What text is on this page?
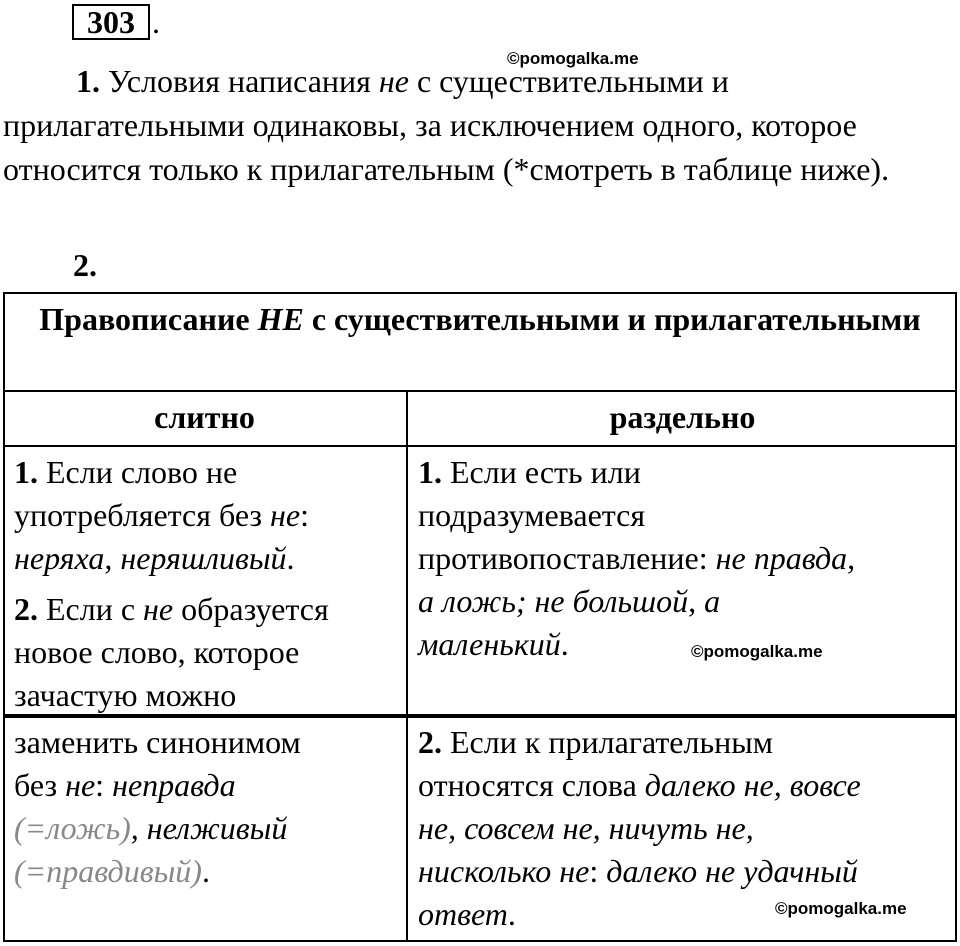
303 .
©pomogalka.me
©pomogalka.me
©pomogalka.me
1. Условия написания не с существительными и прилагательными одинаковы, за исключением одного, которое относится только к прилагательным (*смотреть в таблице ниже).
2.
Правописание НЕ с существительными и прилагательными
слитно	раздельно
1. Если слово не
употребляется без не:
неряха, неряшливый.
2. Если с не образуется
новое слово, которое
зачастую можно
1. Если есть или
подразумевается
противопоставление: не правда,
а ложь; не большой, а
маленький.
заменить синонимом
без не: неправда
(=ложь), нелживый
(=правдивый).
2. Если к прилагательным
относятся слова далеко не, вовсе
не, совсем не, ничуть не,
нисколько не: далеко не удачный
ответ.
